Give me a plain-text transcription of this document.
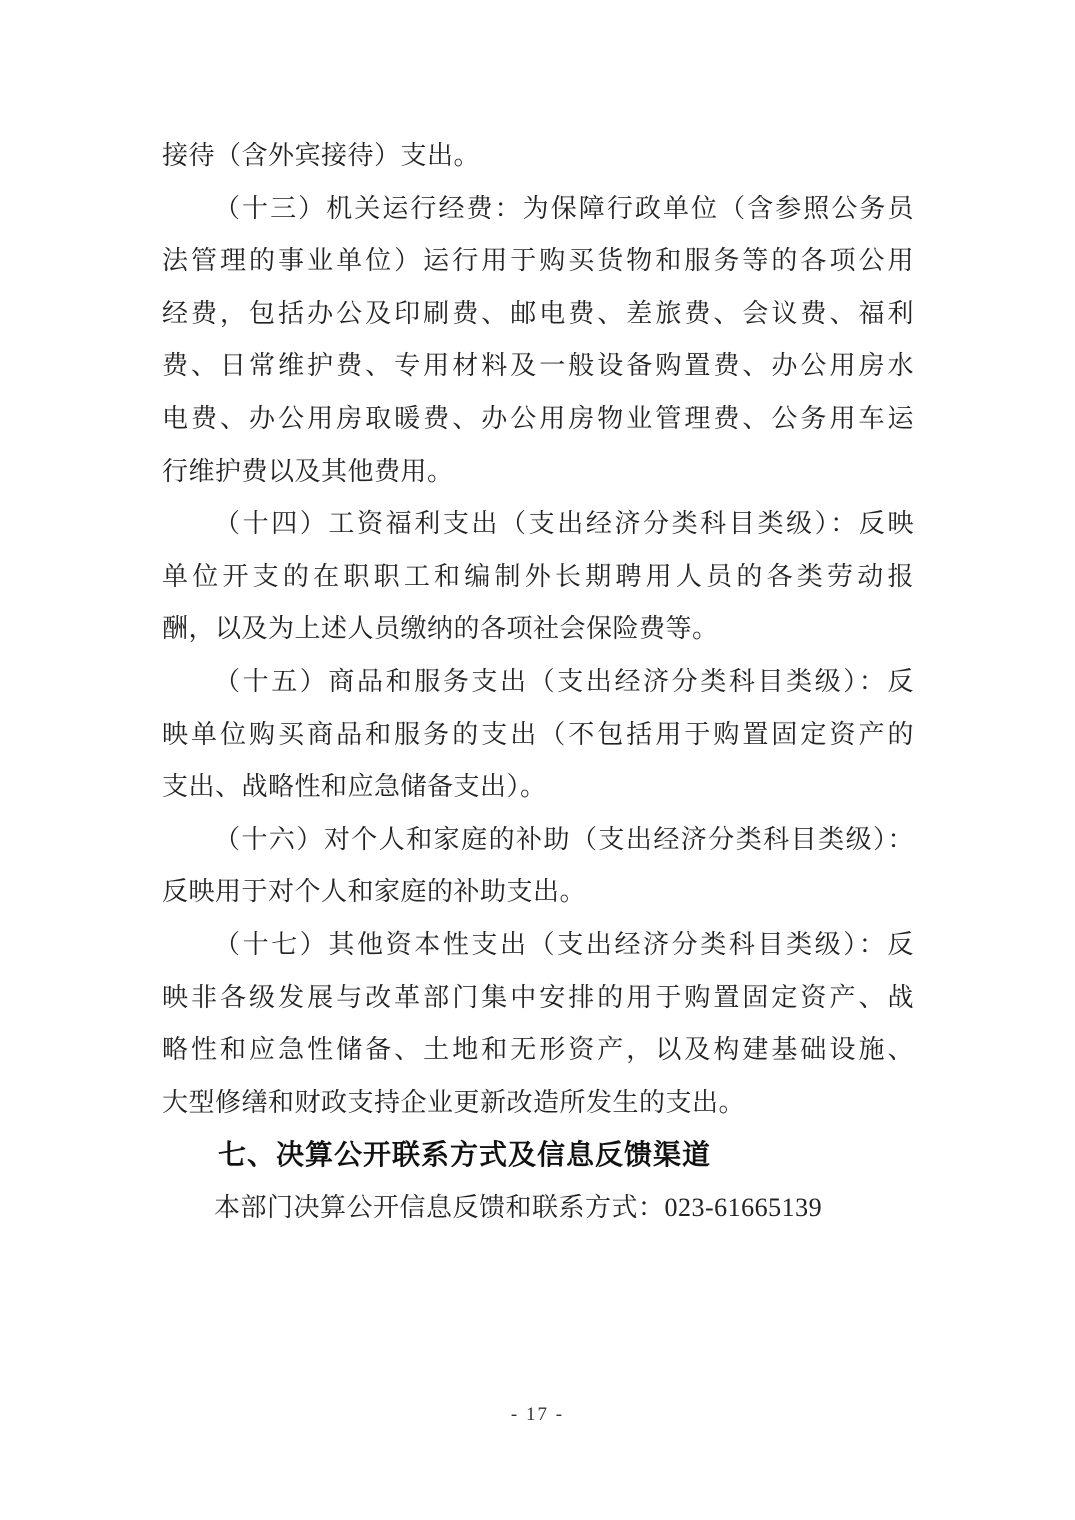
接待（含外宾接待）支出。
（十三）机关运行经费：为保障行政单位（含参照公务员
法管理的事业单位）运行用于购买货物和服务等的各项公用
经费，包括办公及印刷费、邮电费、差旅费、会议费、福利
费、日常维护费、专用材料及一般设备购置费、办公用房水
电费、办公用房取暖费、办公用房物业管理费、公务用车运
行维护费以及其他费用。
（十四）工资福利支出（支出经济分类科目类级）：反映
单位开支的在职职工和编制外长期聘用人员的各类劳动报
酬，以及为上述人员缴纳的各项社会保险费等。
（十五）商品和服务支出（支出经济分类科目类级）：反
映单位购买商品和服务的支出（不包括用于购置固定资产的
支出、战略性和应急储备支出）。
（十六）对个人和家庭的补助（支出经济分类科目类级）：
反映用于对个人和家庭的补助支出。
（十七）其他资本性支出（支出经济分类科目类级）：反
映非各级发展与改革部门集中安排的用于购置固定资产、战
略性和应急性储备、土地和无形资产，以及构建基础设施、
大型修缮和财政支持企业更新改造所发生的支出。
七、决算公开联系方式及信息反馈渠道
本部门决算公开信息反馈和联系方式：023-61665139
- 17 -
